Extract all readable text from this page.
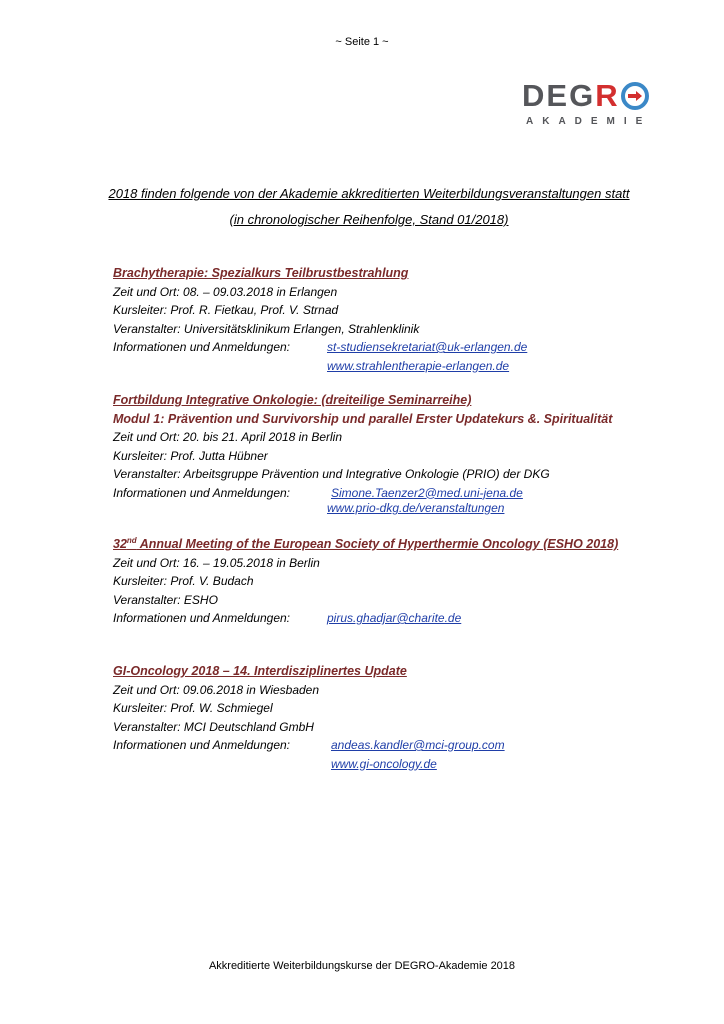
~ Seite 1 ~
DEGR
AKADEMIE
2018 finden folgende von der Akademie akkreditierten Weiterbildungsveranstaltungen statt
(in chronologischer Reihenfolge, Stand 01/2018)
Brachytherapie: Spezialkurs Teilbrustbestrahlung
Zeit und Ort: 08. – 09.03.2018 in Erlangen
Kursleiter: Prof. R. Fietkau, Prof. V. Strnad
Veranstalter: Universitätsklinikum Erlangen, Strahlenklinik
Informationen und Anmeldungen:	st-studiensekretariat@uk-erlangen.de
www.strahlentherapie-erlangen.de

Fortbildung Integrative Onkologie: (dreiteilige Seminarreihe)
Modul 1: Prävention und Survivorship und parallel Erster Updatekurs &. Spiritualität
Zeit und Ort: 20. bis 21. April 2018 in Berlin
Kursleiter: Prof. Jutta Hübner
Veranstalter: Arbeitsgruppe Prävention und Integrative Onkologie (PRIO) der DKG
Informationen und Anmeldungen:	Simone.Taenzer2@med.uni-jena.de
www.prio-dkg.de/veranstaltungen

32nd Annual Meeting of the European Society of Hyperthermie Oncology (ESHO 2018)
Zeit und Ort: 16. – 19.05.2018 in Berlin
Kursleiter: Prof. V. Budach
Veranstalter: ESHO
Informationen und Anmeldungen:	pirus.ghadjar@charite.de
GI-Oncology 2018 – 14. Interdisziplinertes Update
Zeit und Ort: 09.06.2018 in Wiesbaden
Kursleiter: Prof. W. Schmiegel
Veranstalter: MCI Deutschland GmbH
Informationen und Anmeldungen:	andeas.kandler@mci-group.com
www.gi-oncology.de

Akkreditierte Weiterbildungskurse der DEGRO-Akademie 2018
